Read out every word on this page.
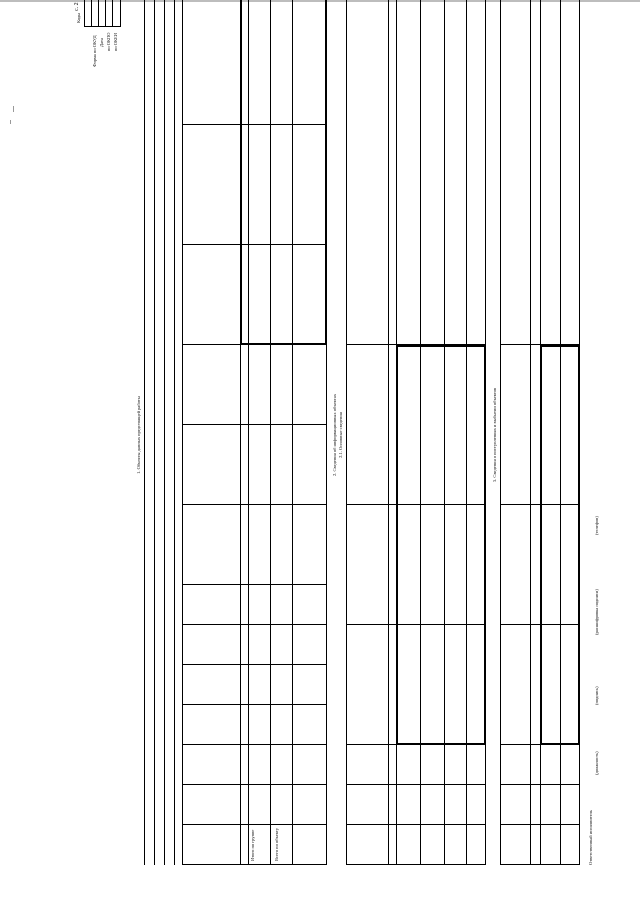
с. 2
Коды
Форма по ОКУД Дата по ОКПО по ОКЕИ
1. Объекты данных предстоящей работы
Итого по группе	Всего по объекту
2. Сведения об информационных объектах 2.1. Основные сведения	3. Сведения о поступлениях и выбытии объектов
Ответственный исполнитель
(должность)
(подпись)
(расшифровка подписи)
(телефон)
